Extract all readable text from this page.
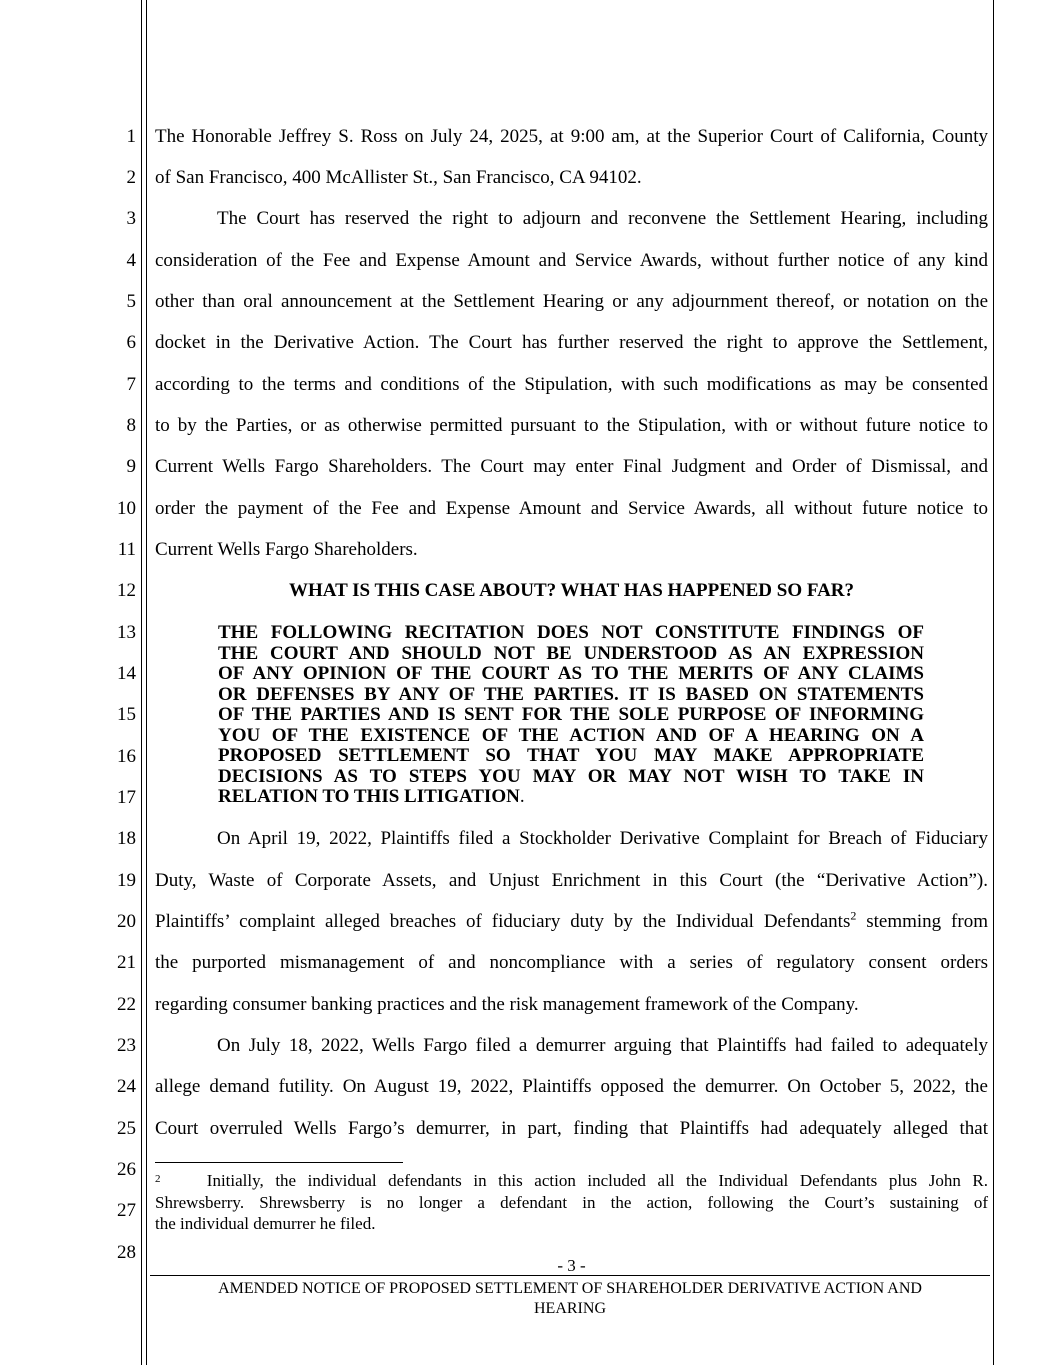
1
2
3
4
5
6
7
8
9
10
11
12
13
14
15
16
17
18
19
20
21
22
23
24
25
26
27
28
The Honorable Jeffrey S. Ross on July 24, 2025, at 9:00 am, at the Superior Court of California, County
of San Francisco, 400 McAllister St., San Francisco, CA 94102.
The Court has reserved the right to adjourn and reconvene the Settlement Hearing, including
consideration of the Fee and Expense Amount and Service Awards, without further notice of any kind
other than oral announcement at the Settlement Hearing or any adjournment thereof, or notation on the
docket in the Derivative Action. The Court has further reserved the right to approve the Settlement,
according to the terms and conditions of the Stipulation, with such modifications as may be consented
to by the Parties, or as otherwise permitted pursuant to the Stipulation, with or without future notice to
Current Wells Fargo Shareholders. The Court may enter Final Judgment and Order of Dismissal, and
order the payment of the Fee and Expense Amount and Service Awards, all without future notice to
Current Wells Fargo Shareholders.
WHAT IS THIS CASE ABOUT? WHAT HAS HAPPENED SO FAR?
THE FOLLOWING RECITATION DOES NOT CONSTITUTE FINDINGS OF
THE COURT AND SHOULD NOT BE UNDERSTOOD AS AN EXPRESSION
OF ANY OPINION OF THE COURT AS TO THE MERITS OF ANY CLAIMS
OR DEFENSES BY ANY OF THE PARTIES. IT IS BASED ON STATEMENTS
OF THE PARTIES AND IS SENT FOR THE SOLE PURPOSE OF INFORMING
YOU OF THE EXISTENCE OF THE ACTION AND OF A HEARING ON A
PROPOSED SETTLEMENT SO THAT YOU MAY MAKE APPROPRIATE
DECISIONS AS TO STEPS YOU MAY OR MAY NOT WISH TO TAKE IN
RELATION TO THIS LITIGATION.
On April 19, 2022, Plaintiffs filed a Stockholder Derivative Complaint for Breach of Fiduciary
Duty, Waste of Corporate Assets, and Unjust Enrichment in this Court (the “Derivative Action”).
Plaintiffs’ complaint alleged breaches of fiduciary duty by the Individual Defendants$^2$ stemming from
the purported mismanagement of and noncompliance with a series of regulatory consent orders
regarding consumer banking practices and the risk management framework of the Company.
On July 18, 2022, Wells Fargo filed a demurrer arguing that Plaintiffs had failed to adequately
allege demand futility. On August 19, 2022, Plaintiffs opposed the demurrer. On October 5, 2022, the
Court overruled Wells Fargo’s demurrer, in part, finding that Plaintiffs had adequately alleged that
$^2$	Initially, the individual defendants in this action included all the Individual Defendants plus John R.
Shrewsberry. Shrewsberry is no longer a defendant in the action, following the Court’s sustaining of
the individual demurrer he filed.
- 3 -
AMENDED NOTICE OF PROPOSED SETTLEMENT OF SHAREHOLDER DERIVATIVE ACTION AND
HEARING
